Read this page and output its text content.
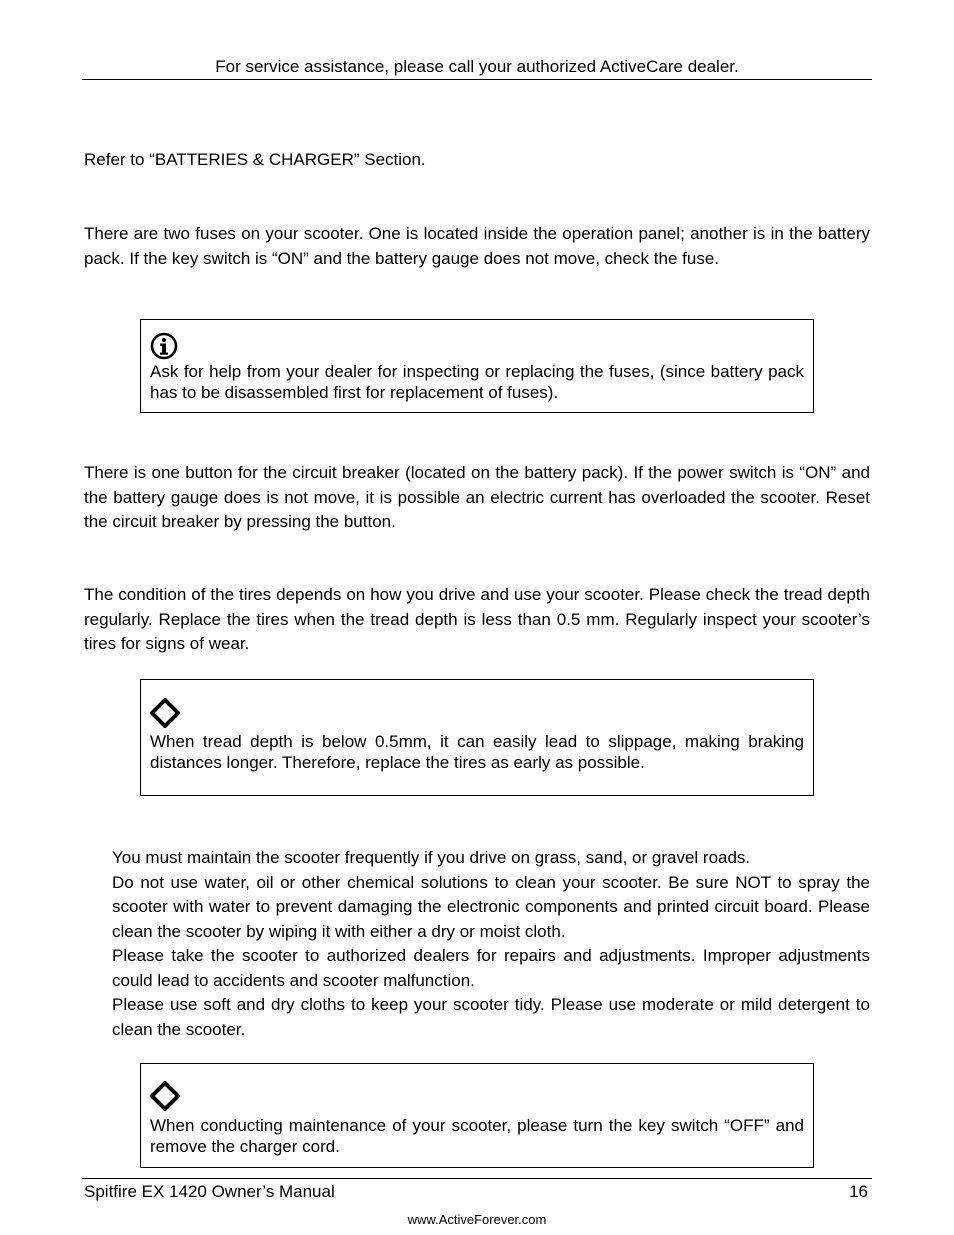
For service assistance, please call your authorized ActiveCare dealer.
Refer to “BATTERIES & CHARGER” Section.
There are two fuses on your scooter. One is located inside the operation panel; another is in the battery pack. If the key switch is “ON” and the battery gauge does not move, check the fuse.
Ask for help from your dealer for inspecting or replacing the fuses, (since battery pack has to be disassembled first for replacement of fuses).
There is one button for the circuit breaker (located on the battery pack). If the power switch is “ON” and the battery gauge does is not move, it is possible an electric current has overloaded the scooter. Reset the circuit breaker by pressing the button.
The condition of the tires depends on how you drive and use your scooter. Please check the tread depth regularly. Replace the tires when the tread depth is less than 0.5 mm. Regularly inspect your scooter’s tires for signs of wear.
When tread depth is below 0.5mm, it can easily lead to slippage, making braking distances longer. Therefore, replace the tires as early as possible.
You must maintain the scooter frequently if you drive on grass, sand, or gravel roads.
Do not use water, oil or other chemical solutions to clean your scooter. Be sure NOT to spray the scooter with water to prevent damaging the electronic components and printed circuit board. Please clean the scooter by wiping it with either a dry or moist cloth.
Please take the scooter to authorized dealers for repairs and adjustments. Improper adjustments could lead to accidents and scooter malfunction.
Please use soft and dry cloths to keep your scooter tidy. Please use moderate or mild detergent to clean the scooter.
When conducting maintenance of your scooter, please turn the key switch “OFF” and remove the charger cord.
Spitfire EX 1420 Owner’s Manual	16
www.ActiveForever.com
